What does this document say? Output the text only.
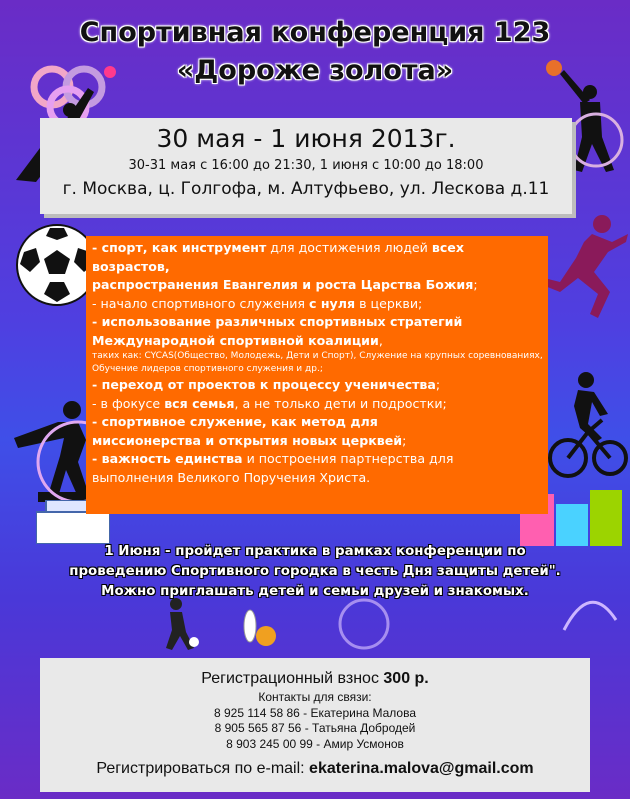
Спортивная конференция 123
«Дороже золота»
30 мая - 1 июня 2013г.
30-31 мая с 16:00 до 21:30, 1 июня с 10:00 до 18:00
г. Москва, ц. Голгофа, м. Алтуфьево, ул. Лескова д.11
- спорт, как инструмент для достижения людей всех
возрастов,
распространения Евангелия и роста Царства Божия;
- начало спортивного служения с нуля в церкви;
- использование различных спортивных стратегий
Международной спортивной коалиции,
таких как: CYCAS(Общество, Молодежь, Дети и Спорт), Служение на крупных соревнованиях, Обучение лидеров спортивного служения и др.;
- переход от проектов к процессу ученичества;
- в фокусе вся семья, а не только дети и подростки;
- спортивное служение, как метод для
миссионерства и открытия новых церквей;
- важность единства и построения партнерства для
выполнения Великого Поручения Христа.
1 Июня - пройдет практика в рамках конференции по
проведению Спортивного городка в честь Дня защиты детей".
Можно приглашать детей и семьи друзей и знакомых.
Регистрационный взнос 300 р.
Контакты для связи:
8 925 114 58 86 - Екатерина Малова
8 905 565 87 56 - Татьяна Добродей
8 903 245 00 99 - Амир Усмонов
Регистрироваться по e-mail: ekaterina.malova@gmail.com
